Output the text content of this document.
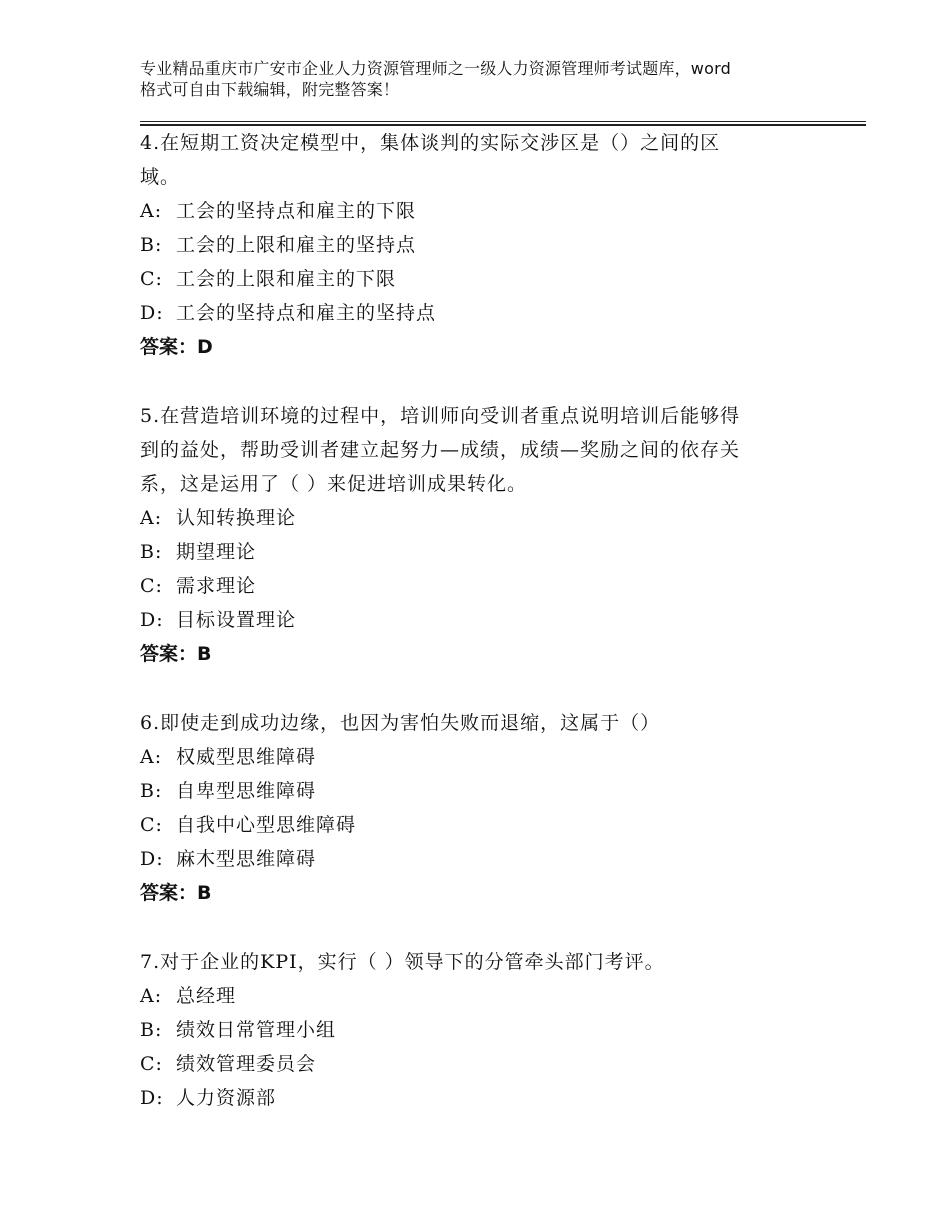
专业精品重庆市广安市企业人力资源管理师之一级人力资源管理师考试题库，word
格式可自由下载编辑，附完整答案！
4.在短期工资决定模型中，集体谈判的实际交涉区是（）之间的区
域。
A: 工会的坚持点和雇主的下限
B: 工会的上限和雇主的坚持点
C: 工会的上限和雇主的下限
D: 工会的坚持点和雇主的坚持点
答案：D
5.在营造培训环境的过程中，培训师向受训者重点说明培训后能够得
到的益处，帮助受训者建立起努力—成绩，成绩—奖励之间的依存关
系，这是运用了（ ）来促进培训成果转化。
A: 认知转换理论
B: 期望理论
C: 需求理论
D: 目标设置理论
答案：B
6.即使走到成功边缘，也因为害怕失败而退缩，这属于（）
A: 权威型思维障碍
B: 自卑型思维障碍
C: 自我中心型思维障碍
D: 麻木型思维障碍
答案：B
7.对于企业的KPI，实行（ ）领导下的分管牵头部门考评。
A: 总经理
B: 绩效日常管理小组
C: 绩效管理委员会
D: 人力资源部
